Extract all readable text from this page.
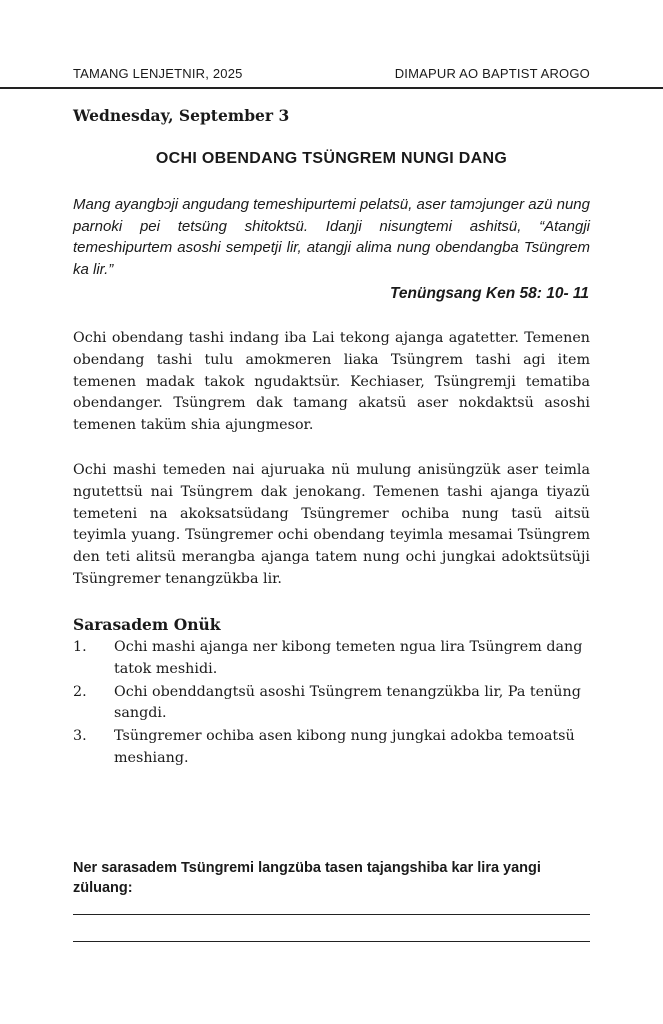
TAMANG LENJETNIR, 2025	DIMAPUR AO BAPTIST AROGO
Wednesday, September 3
OCHI OBENDANG TSÜNGREM NUNGI DANG
Mang ayangbɔji angudang temeshipurtemi pelatsü, aser tamɔjunger azü nung parnoki pei tetsüng shitoktsü. Idaŋji nisungtemi ashitsü, “Atangji temeshipurtem asoshi sempetji lir, atangji alima nung obendangba Tsüngrem ka lir.”
Tenüngsang Ken 58: 10- 11
Ochi obendang tashi indang iba Lai tekong ajanga agatetter. Temenen obendang tashi tulu amokmeren liaka Tsüngrem tashi agi item temenen madak takok ngudaktsür. Kechiaser, Tsüngremji tematiba obendanger. Tsüngrem dak tamang akatsü aser nokdaktsü asoshi temenen taküm shia ajungmesor.
Ochi mashi temeden nai ajuruaka nü mulung anisüngzük aser teimla ngutettsü nai Tsüngrem dak jenokang. Temenen tashi ajanga tiyazü temeteni na akoksatsüdang Tsüngremer ochiba nung tasü aitsü teyimla yuang. Tsüngremer ochi obendang teyimla mesamai Tsüngrem den teti alitsü merangba ajanga tatem nung ochi jungkai adoktsütsüji Tsüngremer tenangzükba lir.
Sarasadem Onük
1. Ochi mashi ajanga ner kibong temeten ngua lira Tsüngrem dang tatok meshidi.
2. Ochi obenddangtsü asoshi Tsüngrem tenangzükba lir, Pa tenüng sangdi.
3. Tsüngremer ochiba asen kibong nung jungkai adokba temoatsü meshiang.
Ner sarasadem Tsüngremi langzüba tasen tajangshiba kar lira yangi züluang:
